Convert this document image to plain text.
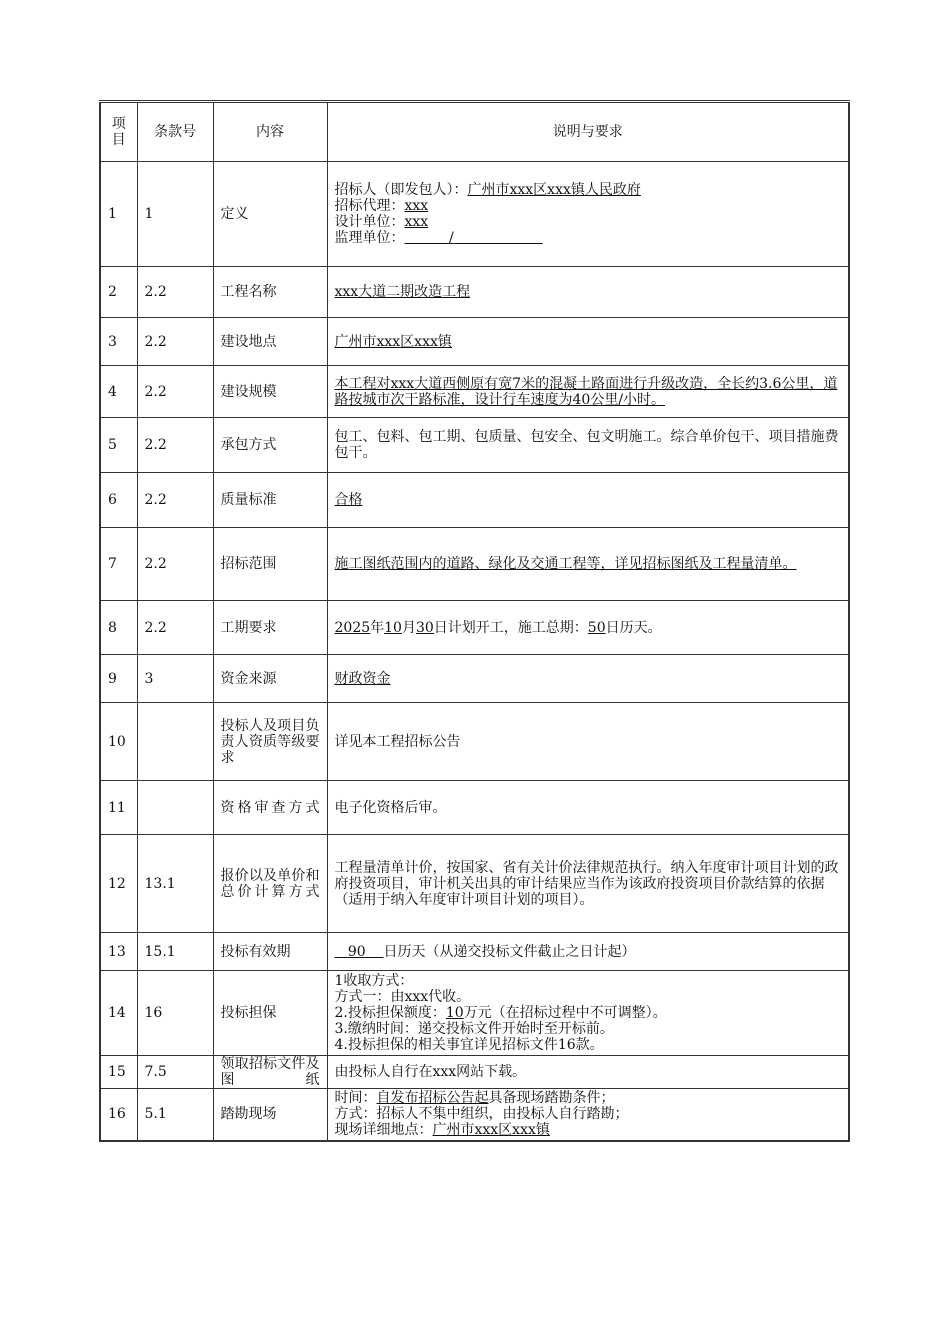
项目	条款号	内容	说明与要求
1	1	定义	招标人（即发包人）：广州市xxx区xxx镇人民政府
招标代理：xxx
设计单位：xxx
监理单位： /

2	2.2	工程名称	xxx大道二期改造工程
3	2.2	建设地点	广州市xxx区xxx镇
4	2.2	建设规模	本工程对xxx大道西侧原有宽7米的混凝土路面进行升级改造，全长约3.6公里，道路按城市次干路标准，设计行车速度为40公里/小时。

5	2.2	承包方式	包工、包料、包工期、包质量、包安全、包文明施工。综合单价包干、项目措施费包干。

6	2.2	质量标准	合格
7	2.2	招标范围	施工图纸范围内的道路、绿化及交通工程等，详见招标图纸及工程量清单。

8	2.2	工期要求	2025年10月30日计划开工，施工总期：50日历天。
9	3	资金来源	财政资金
10		投标人及项目负责人资质等级要求	详见本工程招标公告
11		资格审查方式	电子化资格后审。
12	13.1	报价以及单价和总价计算方式	工程量清单计价，按国家、省有关计价法律规范执行。纳入年度审计项目计划的政府投资项目，审计机关出具的审计结果应当作为该政府投资项目价款结算的依据（适用于纳入年度审计项目计划的项目）。
13	15.1	投标有效期	90 日历天（从递交投标文件截止之日计起）
14	16	投标担保	1收取方式：
方式一：由xxx代收。
2.投标担保额度：10万元（在招标过程中不可调整）。
3.缴纳时间：递交投标文件开始时至开标前。
4.投标担保的相关事宜详见招标文件16款。

15	7.5	领取招标文件及图纸	由投标人自行在xxx网站下载。
16	5.1	踏勘现场	时间：自发布招标公告起具备现场踏勘条件；
方式：招标人不集中组织，由投标人自行踏勘；
现场详细地点：广州市xxx区xxx镇
